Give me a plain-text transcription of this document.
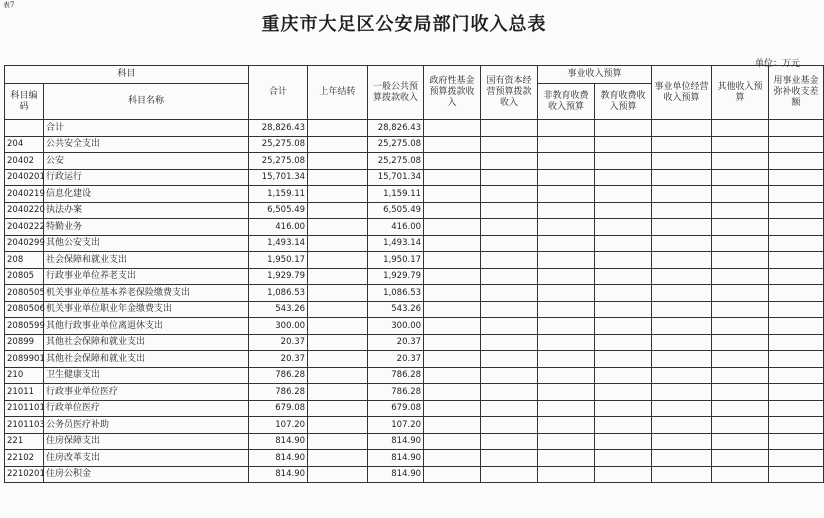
表7
重庆市大足区公安局部门收入总表
单位：万元
科目		合计	上年结转	一般公共预算拨款收入	政府性基金预算拨款收入	国有资本经营预算拨款收入	事业收入预算		事业单位经营收入预算	其他收入预算	用事业基金弥补收支差额
科目编码	科目名称						非教育收费收入预算	教育收费收入预算			
	合计	28,826.43		28,826.43							
204	公共安全支出	25,275.08		25,275.08							
20402	公安	25,275.08		25,275.08							
2040201	行政运行	15,701.34		15,701.34							
2040219	信息化建设	1,159.11		1,159.11							
2040220	执法办案	6,505.49		6,505.49							
2040222	特勤业务	416.00		416.00							
2040299	其他公安支出	1,493.14		1,493.14							
208	社会保障和就业支出	1,950.17		1,950.17							
20805	行政事业单位养老支出	1,929.79		1,929.79							
2080505	机关事业单位基本养老保险缴费支出	1,086.53		1,086.53							
2080506	机关事业单位职业年金缴费支出	543.26		543.26							
2080599	其他行政事业单位离退休支出	300.00		300.00							
20899	其他社会保障和就业支出	20.37		20.37							
2089901	其他社会保障和就业支出	20.37		20.37							
210	卫生健康支出	786.28		786.28							
21011	行政事业单位医疗	786.28		786.28							
2101101	行政单位医疗	679.08		679.08							
2101103	公务员医疗补助	107.20		107.20							
221	住房保障支出	814.90		814.90							
22102	住房改革支出	814.90		814.90							
2210201	住房公积金	814.90		814.90							
